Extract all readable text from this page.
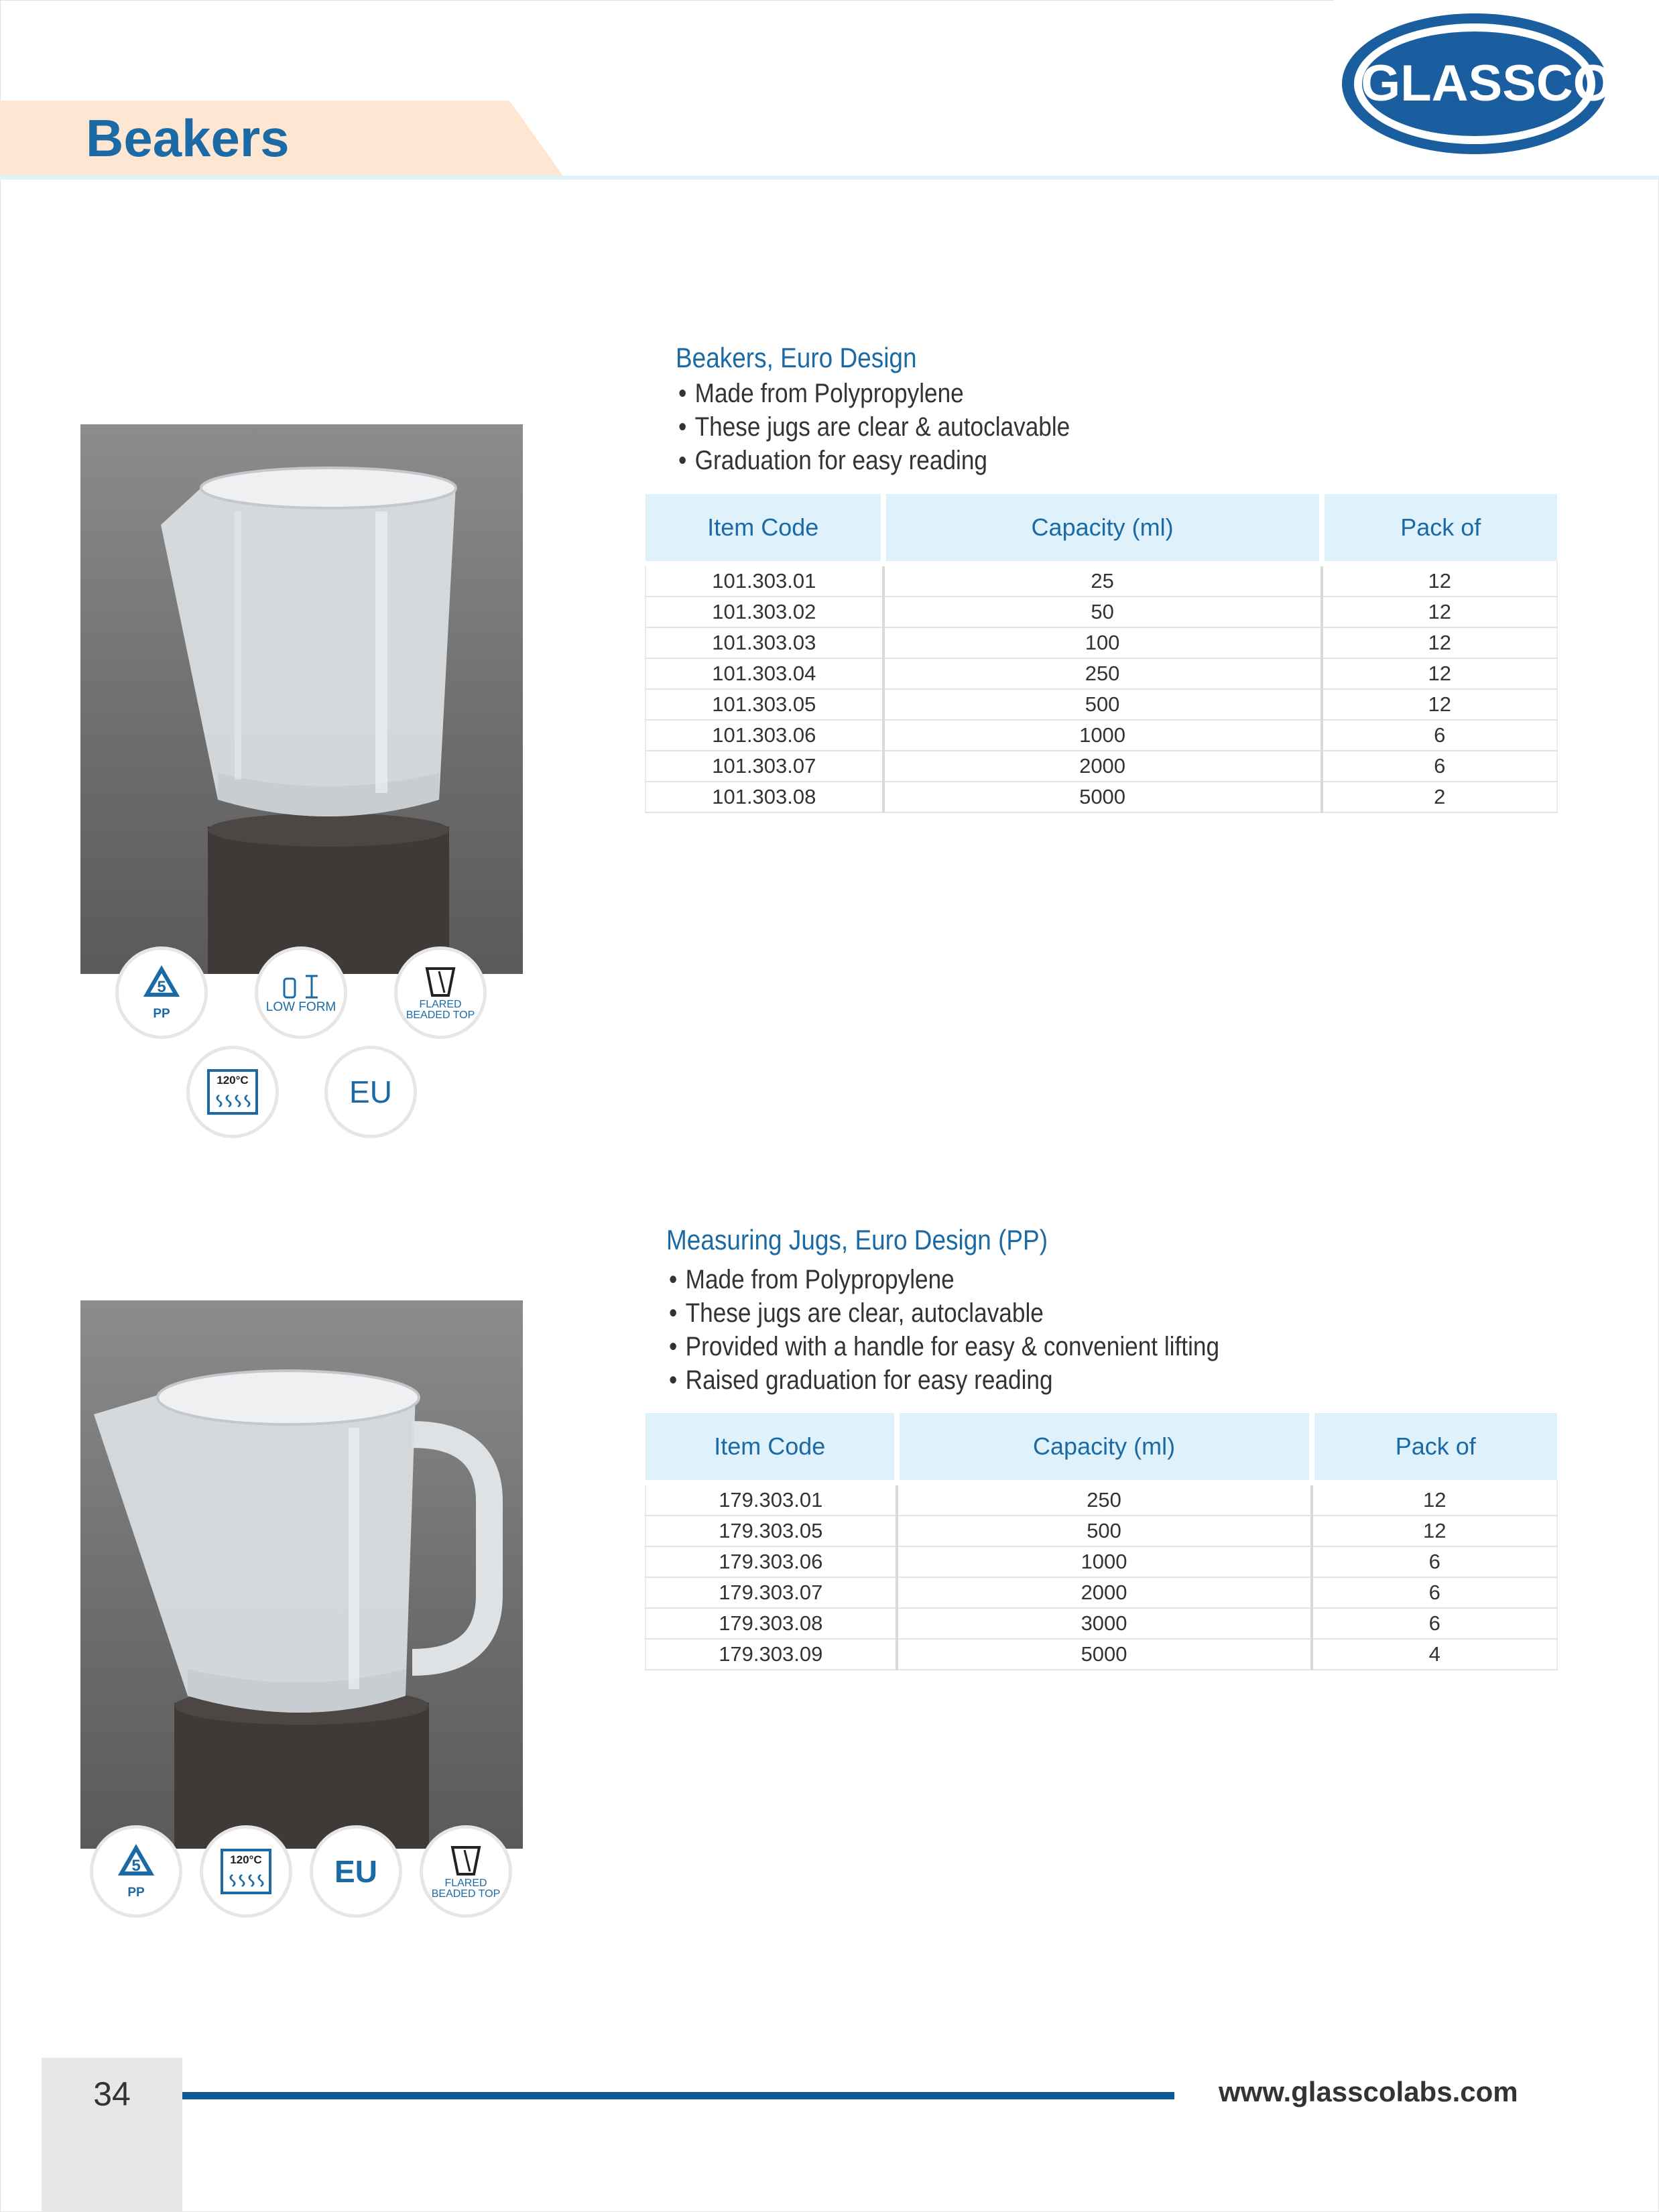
Beakers
GLASSCO
5
PP	LOW FORM	FLARED
BEADED TOP
120°C	EU
Beakers, Euro Design
• Made from Polypropylene
• These jugs are clear & autoclavable
• Graduation for easy reading
Item Code	Capacity (ml)	Pack of

101.303.01	25	12
101.303.02	50	12
101.303.03	100	12
101.303.04	250	12
101.303.05	500	12
101.303.06	1000	6
101.303.07	2000	6
101.303.08	5000	2
5
PP
120°C EU	FLARED
BEADED TOP
Measuring Jugs, Euro Design (PP)
• Made from Polypropylene
• These jugs are clear, autoclavable
• Provided with a handle for easy & convenient lifting
• Raised graduation for easy reading
Item Code	Capacity (ml)	Pack of

179.303.01	250	12
179.303.05	500	12
179.303.06	1000	6
179.303.07	2000	6
179.303.08	3000	6
179.303.09	5000	4
34	www.glasscolabs.com
